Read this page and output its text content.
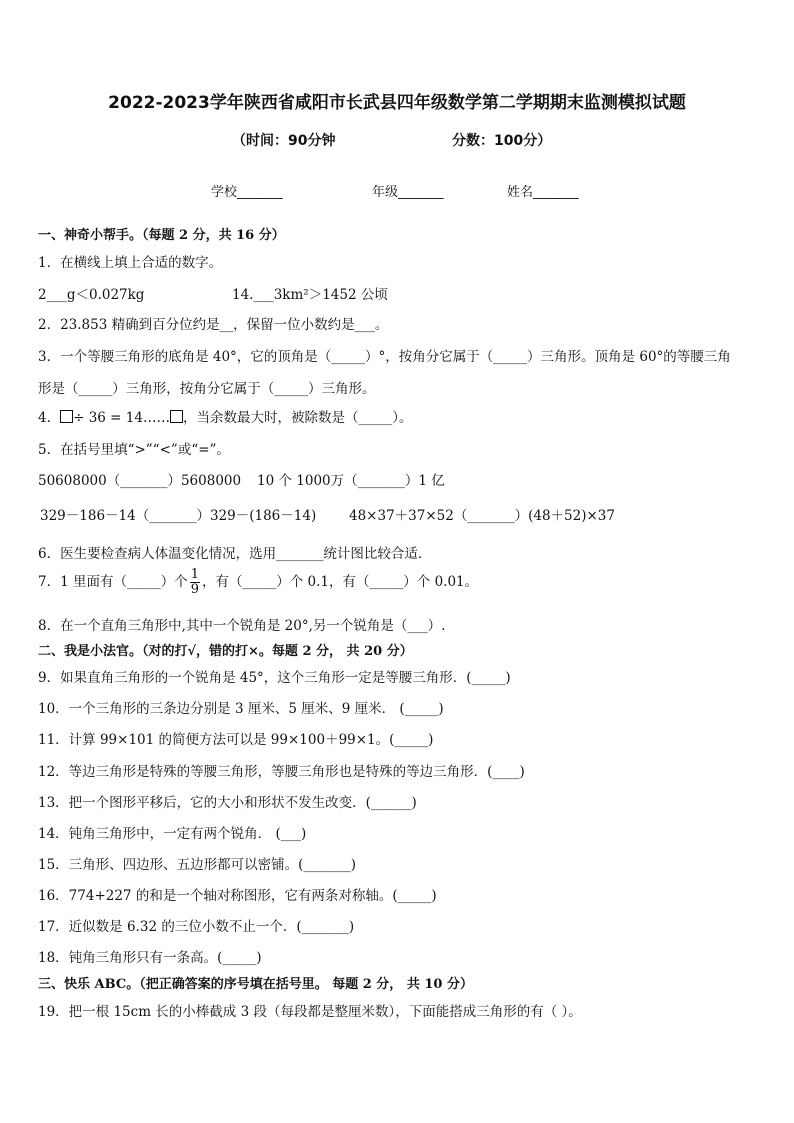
2022-2023学年陕西省咸阳市长武县四年级数学第二学期期末监测模拟试题
（时间：90分钟	分数：100分）
学校_______	年级_______	姓名_______
一、神奇小帮手。（每题 2 分，共 16 分）
1．在横线上填上合适的数字。
2___g＜0.027kg	14.___3km²＞1452 公顷
2．23.853 精确到百分位约是__，保留一位小数约是___。
3．一个等腰三角形的底角是 40°，它的顶角是（_____）°，按角分它属于（_____）三角形。顶角是 60°的等腰三角
形是（_____）三角形，按角分它属于（_____）三角形。
4． ÷ 36 = 14…… ，当余数最大时，被除数是（_____）。
5．在括号里填“>”“<”或“=”。
50608000（_______）5608000 10 个 1000万（_______）1 亿
329－186－14（_______）329－(186－14) 48×37＋37×52（_______）(48＋52)×37
6．医生要检查病人体温变化情况，选用_______统计图比较合适．
7．1 里面有（_____）个 $\frac{1}{9}$ ，有（_____）个 0.1，有（_____）个 0.01。
8．在一个直角三角形中,其中一个锐角是 20°,另一个锐角是（___）.
二、我是小法官。（对的打√，错的打×。每题 2 分， 共 20 分）
9．如果直角三角形的一个锐角是 45°，这个三角形一定是等腰三角形．(_____)
10．一个三角形的三条边分别是 3 厘米、5 厘米、9 厘米． (_____)
11．计算 99×101 的简便方法可以是 99×100＋99×1。(_____)
12．等边三角形是特殊的等腰三角形，等腰三角形也是特殊的等边三角形．(____)
13．把一个图形平移后，它的大小和形状不发生改变．(______)
14．钝角三角形中，一定有两个锐角． (___)
15．三角形、四边形、五边形都可以密铺。(_______)
16．774+227 的和是一个轴对称图形，它有两条对称轴。(_____)
17．近似数是 6.32 的三位小数不止一个．(_______)
18．钝角三角形只有一条高。(_____)
三、快乐 ABC。（把正确答案的序号填在括号里。 每题 2 分， 共 10 分）
19．把一根 15cm 长的小棒截成 3 段（每段都是整厘米数），下面能搭成三角形的有（ ）。
